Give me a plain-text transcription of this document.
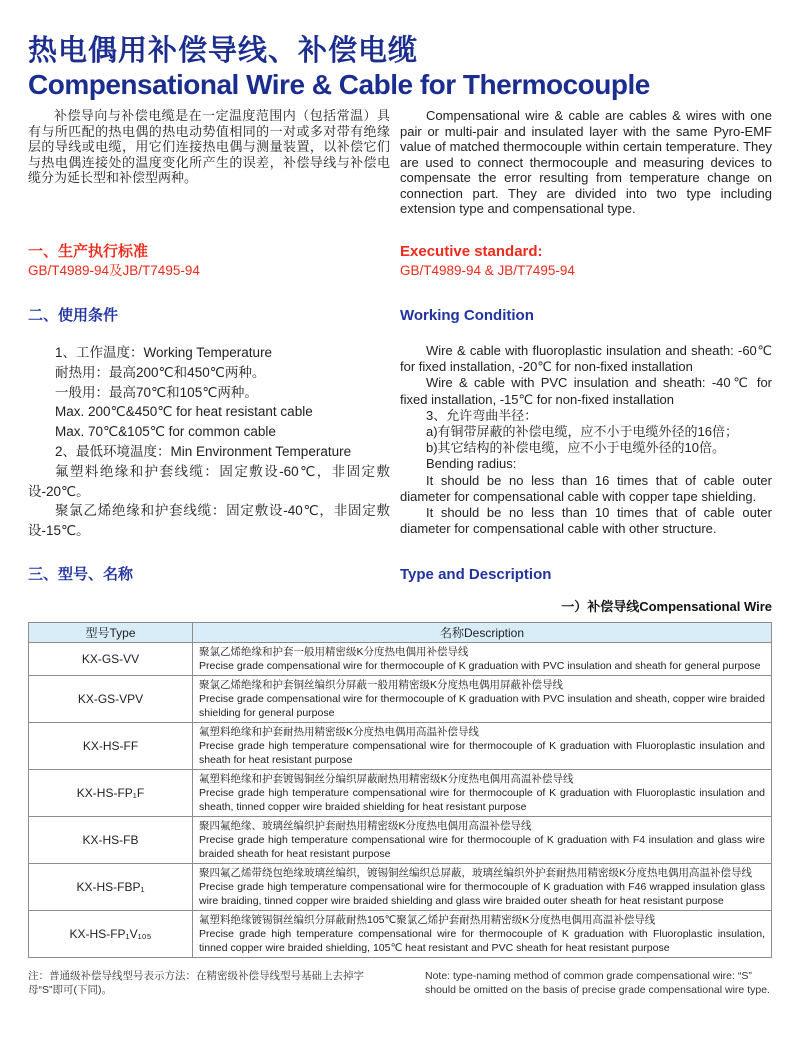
热电偶用补偿导线、补偿电缆
Compensational Wire & Cable for Thermocouple

补偿导向与补偿电缆是在一定温度范围内（包括常温）具有与所匹配的热电偶的热电动势值相同的一对或多对带有绝缘层的导线或电缆，用它们连接热电偶与测量装置，以补偿它们与热电偶连接处的温度变化所产生的误差，补偿导线与补偿电缆分为延长型和补偿型两种。

Compensational wire & cable are cables & wires with one pair or multi-pair and insulated layer with the same Pyro-EMF value of matched thermocouple within certain temperature. They are used to connect thermocouple and measuring devices to compensate the error resulting from temperature change on connection part. They are divided into two type including extension type and compensational type.

一、生产执行标准
GB/T4989-94及JB/T7495-94
Executive standard:
GB/T4989-94 & JB/T7495-94
二、使用条件	Working Condition

1、工作温度：Working Temperature

耐热用：最高200℃和450℃两种。

一般用：最高70℃和105℃两种。

Max. 200℃&450℃ for heat resistant cable

Max. 70℃&105℃ for common cable

2、最低环境温度：Min Environment Temperature

氟塑料绝缘和护套线缆：固定敷设-60℃，非固定敷设-20℃。

聚氯乙烯绝缘和护套线缆：固定敷设-40℃，非固定敷设-15℃。

Wire & cable with fluoroplastic insulation and sheath: -60℃ for fixed installation, -20℃ for non-fixed installation

Wire & cable with PVC insulation and sheath: -40℃ for fixed installation, -15℃ for non-fixed installation

3、允许弯曲半径：

a)有铜带屏蔽的补偿电缆，应不小于电缆外径的16倍；

b)其它结构的补偿电缆，应不小于电缆外径的10倍。

Bending radius:

It should be no less than 16 times that of cable outer diameter for compensational cable with copper tape shielding.

It should be no less than 10 times that of cable outer diameter for compensational cable with other structure.

三、型号、名称	Type and Description
一）补偿导线Compensational Wire
型号Type	名称Description
KX-GS-VV	聚氯乙烯绝缘和护套一般用精密级K分度热电偶用补偿导线
Precise grade compensational wire for thermocouple of K graduation with PVC insulation and sheath for general purpose

KX-GS-VPV	聚氯乙烯绝缘和护套铜丝编织分屏蔽一般用精密级K分度热电偶用屏蔽补偿导线
Precise grade compensational wire for thermocouple of K graduation with PVC insulation and sheath, copper wire braided shielding for general purpose

KX-HS-FF	氟塑料绝缘和护套耐热用精密级K分度热电偶用高温补偿导线
Precise grade high temperature compensational wire for thermocouple of K graduation with Fluoroplastic insulation and sheath for heat resistant purpose

KX-HS-FP₁F	氟塑料绝缘和护套镀锡铜丝分编织屏蔽耐热用精密级K分度热电偶用高温补偿导线
Precise grade high temperature compensational wire for thermocouple of K graduation with Fluoroplastic insulation and sheath, tinned copper wire braided shielding for heat resistant purpose

KX-HS-FB	聚四氟绝缘、玻璃丝编织护套耐热用精密级K分度热电偶用高温补偿导线
Precise grade high temperature compensational wire for thermocouple of K graduation with F4 insulation and glass wire braided sheath for heat resistant purpose

KX-HS-FBP₁	聚四氟乙烯带绕包绝缘玻璃丝编织，镀锡铜丝编织总屏蔽，玻璃丝编织外护套耐热用精密级K分度热电偶用高温补偿导线
Precise grade high temperature compensational wire for thermocouple of K graduation with F46 wrapped insulation glass wire braiding, tinned copper wire braided shielding and glass wire braided outer sheath for heat resistant purpose

KX-HS-FP₁V₁₀₅	氟塑料绝缘镀锡铜丝编织分屏蔽耐热105℃聚氯乙烯护套耐热用精密级K分度热电偶用高温补偿导线
Precise grade high temperature compensational wire for thermocouple of K graduation with Fluoroplastic insulation, tinned copper wire braided shielding, 105℃ heat resistant and PVC sheath for heat resistant purpose
注：普通级补偿导线型号表示方法：在精密级补偿导线型号基础上去掉字母“S”即可(下同)。
Note: type-naming method of common grade compensational wire: “S” should be omitted on the basis of precise grade compensational wire type.
